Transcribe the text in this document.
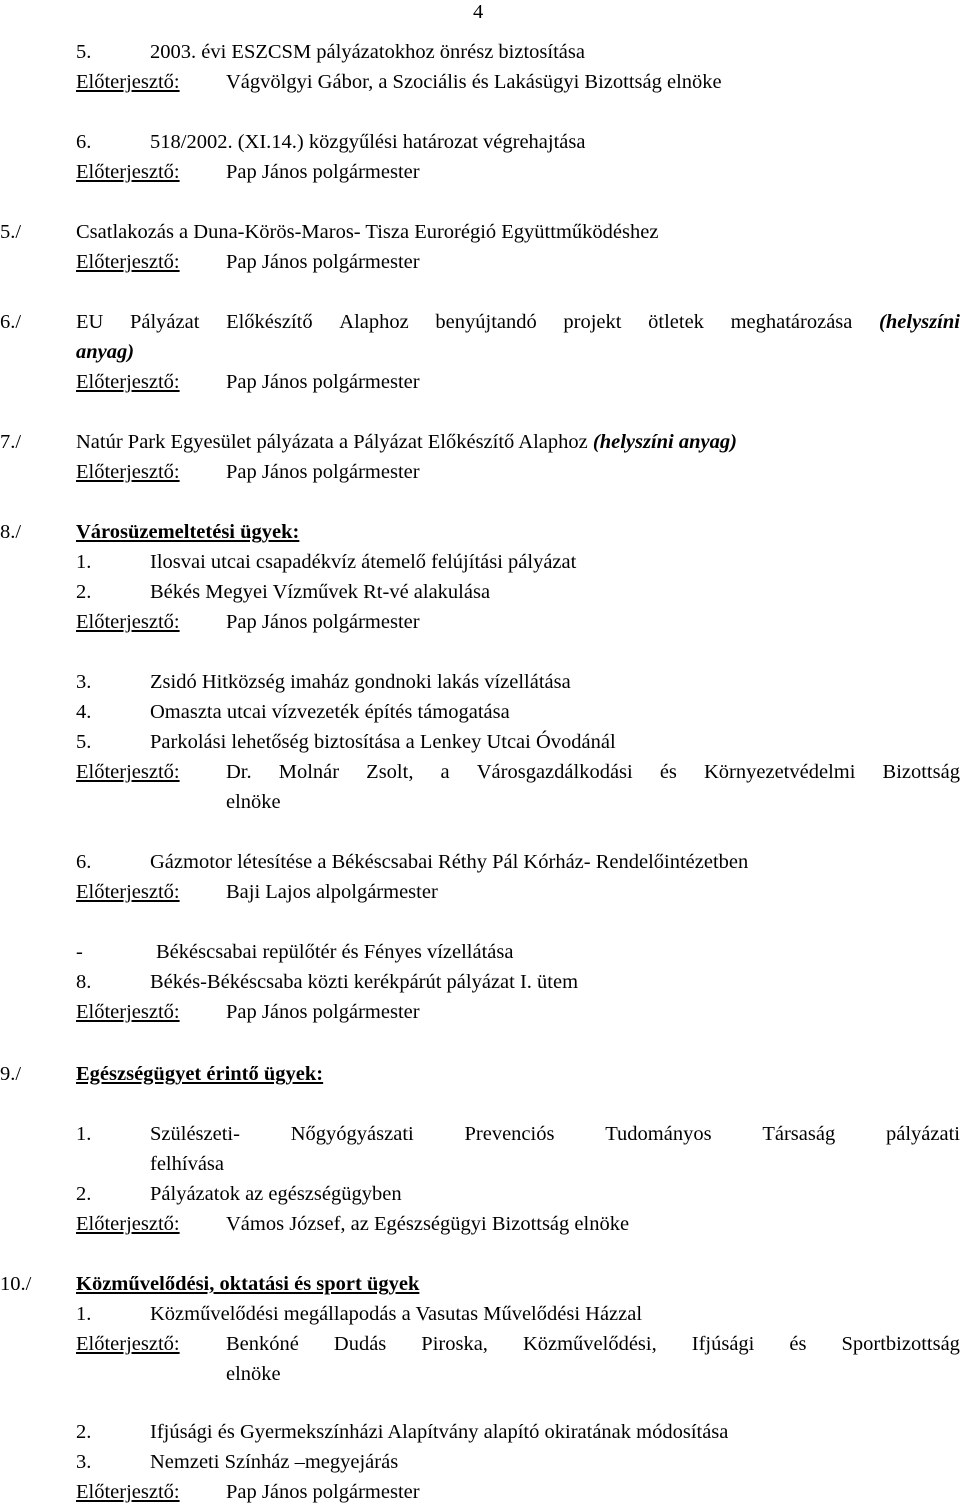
4
5.	2003. évi ESZCSM pályázatokhoz önrész biztosítása
Előterjesztő: Vágvölgyi Gábor, a Szociális és Lakásügyi Bizottság elnöke
6.	518/2002. (XI.14.) közgyűlési határozat végrehajtása
Előterjesztő: Pap János polgármester
5./	Csatlakozás a Duna-Körös-Maros- Tisza Eurorégió Együttműködéshez
Előterjesztő: Pap János polgármester
6./	EU Pályázat Előkészítő Alaphoz benyújtandó projekt ötletek meghatározása (helyszíni
anyag)
Előterjesztő:	Pap János polgármester
7./	Natúr Park Egyesület pályázata a Pályázat Előkészítő Alaphoz (helyszíni anyag)
Előterjesztő: Pap János polgármester
8./	Városüzemeltetési ügyek:
1.	Ilosvai utcai csapadékvíz átemelő felújítási pályázat
2.	Békés Megyei Vízművek Rt-vé alakulása
Előterjesztő: Pap János polgármester
3.	Zsidó Hitközség imaház gondnoki lakás vízellátása
4.	Omaszta utcai vízvezeték építés támogatása
5.	Parkolási lehetőség biztosítása a Lenkey Utcai Óvodánál
Előterjesztő: Dr. Molnár Zsolt, a Városgazdálkodási és Környezetvédelmi Bizottság
elnöke
6.	Gázmotor létesítése a Békéscsabai Réthy Pál Kórház- Rendelőintézetben
Előterjesztő: Baji Lajos alpolgármester
-	Békéscsabai repülőtér és Fényes vízellátása
8.	Békés-Békéscsaba közti kerékpárút pályázat I. ütem
Előterjesztő: Pap János polgármester
9./	Egészségügyet érintő ügyek:
1.	Szülészeti- Nőgyógyászati Prevenciós Tudományos Társaság pályázati
felhívása
2.	Pályázatok az egészségügyben
Előterjesztő: Vámos József, az Egészségügyi Bizottság elnöke
10./ Közművelődési, oktatási és sport ügyek
1.	Közművelődési megállapodás a Vasutas Művelődési Házzal
Előterjesztő: Benkóné Dudás Piroska, Közművelődési, Ifjúsági és Sportbizottság
elnöke
2.	Ifjúsági és Gyermekszínházi Alapítvány alapító okiratának módosítása
3.	Nemzeti Színház –megyejárás
Előterjesztő: Pap János polgármester
